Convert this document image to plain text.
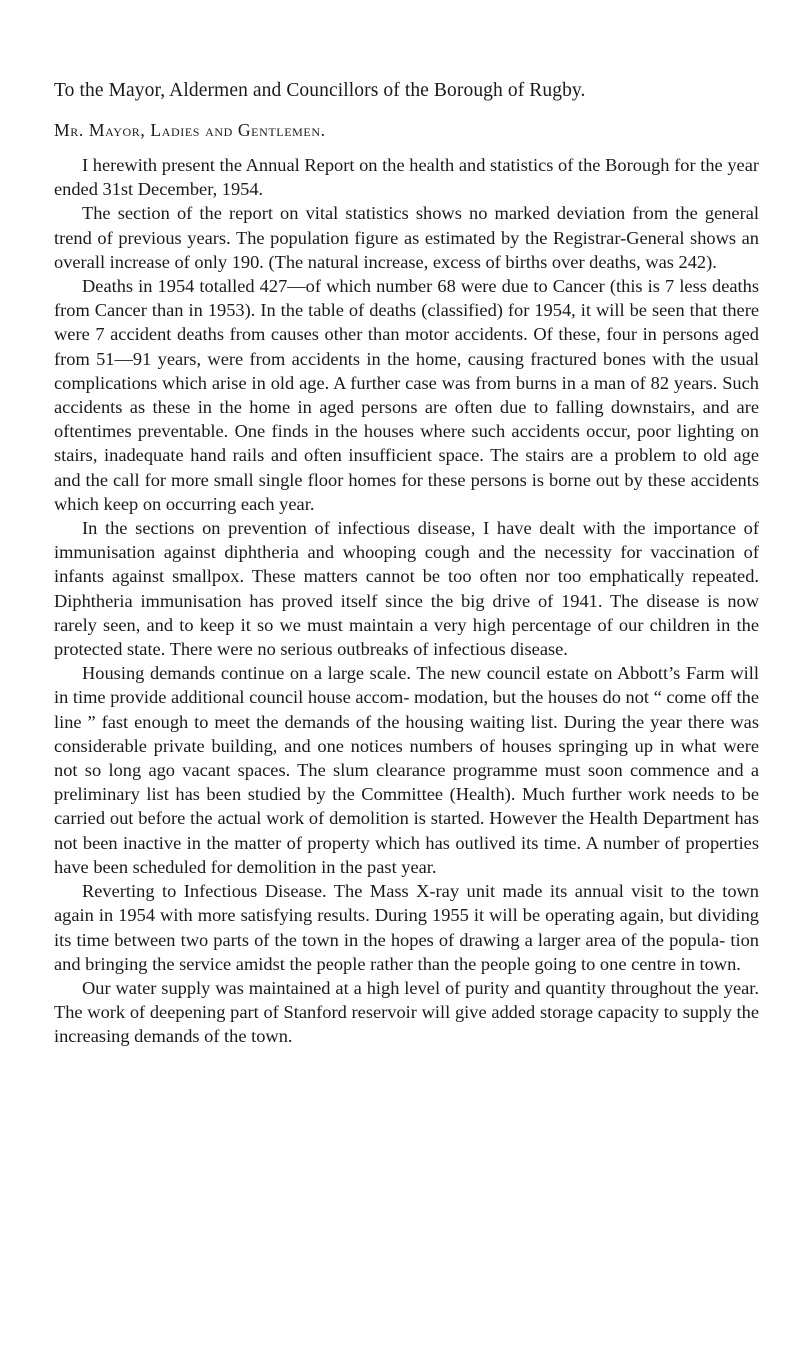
To the Mayor, Aldermen and Councillors of the Borough of Rugby.

Mr. Mayor, Ladies and Gentlemen.

I herewith present the Annual Report on the health and statistics of the Borough for the year ended 31st December, 1954.

The section of the report on vital statistics shows no marked deviation from the general trend of previous years. The population figure as estimated by the Registrar-General shows an overall increase of only 190. (The natural increase, excess of births over deaths, was 242).

Deaths in 1954 totalled 427—of which number 68 were due to Cancer (this is 7 less deaths from Cancer than in 1953). In the table of deaths (classified) for 1954, it will be seen that there were 7 accident deaths from causes other than motor accidents. Of these, four in persons aged from 51—91 years, were from accidents in the home, causing fractured bones with the usual complications which arise in old age. A further case was from burns in a man of 82 years. Such accidents as these in the home in aged persons are often due to falling downstairs, and are oftentimes preventable. One finds in the houses where such accidents occur, poor lighting on stairs, inadequate hand rails and often insufficient space. The stairs are a problem to old age and the call for more small single floor homes for these persons is borne out by these accidents which keep on occurring each year.

In the sections on prevention of infectious disease, I have dealt with the importance of immunisation against diphtheria and whooping cough and the necessity for vaccination of infants against smallpox. These matters cannot be too often nor too emphatically repeated. Diphtheria immunisation has proved itself since the big drive of 1941. The disease is now rarely seen, and to keep it so we must maintain a very high percentage of our children in the protected state. There were no serious outbreaks of infectious disease.

Housing demands continue on a large scale. The new council estate on Abbott’s Farm will in time provide additional council house accom- modation, but the houses do not “ come off the line ” fast enough to meet the demands of the housing waiting list. During the year there was considerable private building, and one notices numbers of houses springing up in what were not so long ago vacant spaces. The slum clearance programme must soon commence and a preliminary list has been studied by the Committee (Health). Much further work needs to be carried out before the actual work of demolition is started. However the Health Department has not been inactive in the matter of property which has outlived its time. A number of properties have been scheduled for demolition in the past year.

Reverting to Infectious Disease. The Mass X-ray unit made its annual visit to the town again in 1954 with more satisfying results. During 1955 it will be operating again, but dividing its time between two parts of the town in the hopes of drawing a larger area of the popula- tion and bringing the service amidst the people rather than the people going to one centre in town.

Our water supply was maintained at a high level of purity and quantity throughout the year. The work of deepening part of Stanford reservoir will give added storage capacity to supply the increasing demands of the town.
